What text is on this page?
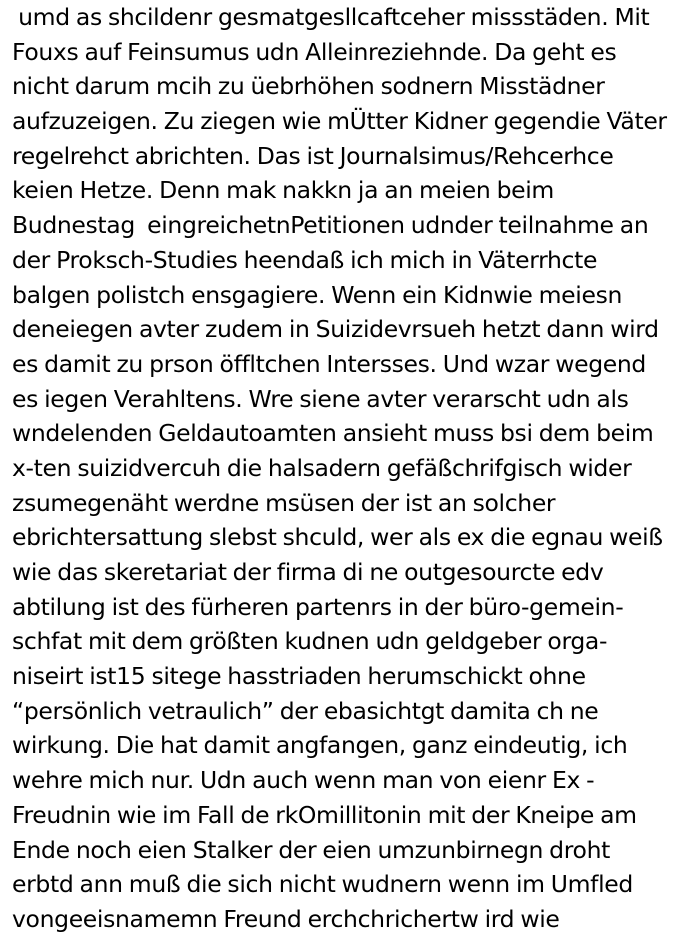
umd as shcildenr gesmatgesllcaftceher missstäden. Mit
Fouxs auf Feinsumus udn Alleinreziehnde. Da geht es
nicht darum mcih zu üebrhöhen sodnern Misstädner
aufzuzeigen. Zu ziegen wie mÜtter Kidner gegendie Väter
regelrehct abrichten. Das ist Journalsimus/Rehcerhce
keien Hetze. Denn mak nakkn ja an meien beim
Budnestag  eingreichetnPetitionen udnder teilnahme an
der Proksch-Studies heendaß ich mich in Väterrhcte
balgen polistch ensgagiere. Wenn ein Kidnwie meiesn
deneiegen avter zudem in Suizidevrsueh hetzt dann wird
es damit zu prson öffltchen Intersses. Und wzar wegend
es iegen Verahltens. Wre siene avter verarscht udn als
wndelenden Geldautoamten ansieht muss bsi dem beim
x-ten suizidvercuh die halsadern gefäßchrifgisch wider
zsumegenäht werdne msüsen der ist an solcher
ebrichtersattung slebst shculd, wer als ex die egnau weiß
wie das skeretariat der firma di ne outgesourcte edv
abtilung ist des fürheren partenrs in der büro-gemein-
schfat mit dem größten kudnen udn geldgeber orga-
niseirt ist15 sitege hasstriaden herumschickt ohne
“persönlich vetraulich” der ebasichtgt damita ch ne
wirkung. Die hat damit angfangen, ganz eindeutig, ich
wehre mich nur. Udn auch wenn man von eienr Ex -
Freudnin wie im Fall de rkOmillitonin mit der Kneipe am
Ende noch eien Stalker der eien umzunbirnegn droht
erbtd ann muß die sich nicht wudnern wenn im Umfled
vongeeisnamemn Freund erchchrichertw ird wie
